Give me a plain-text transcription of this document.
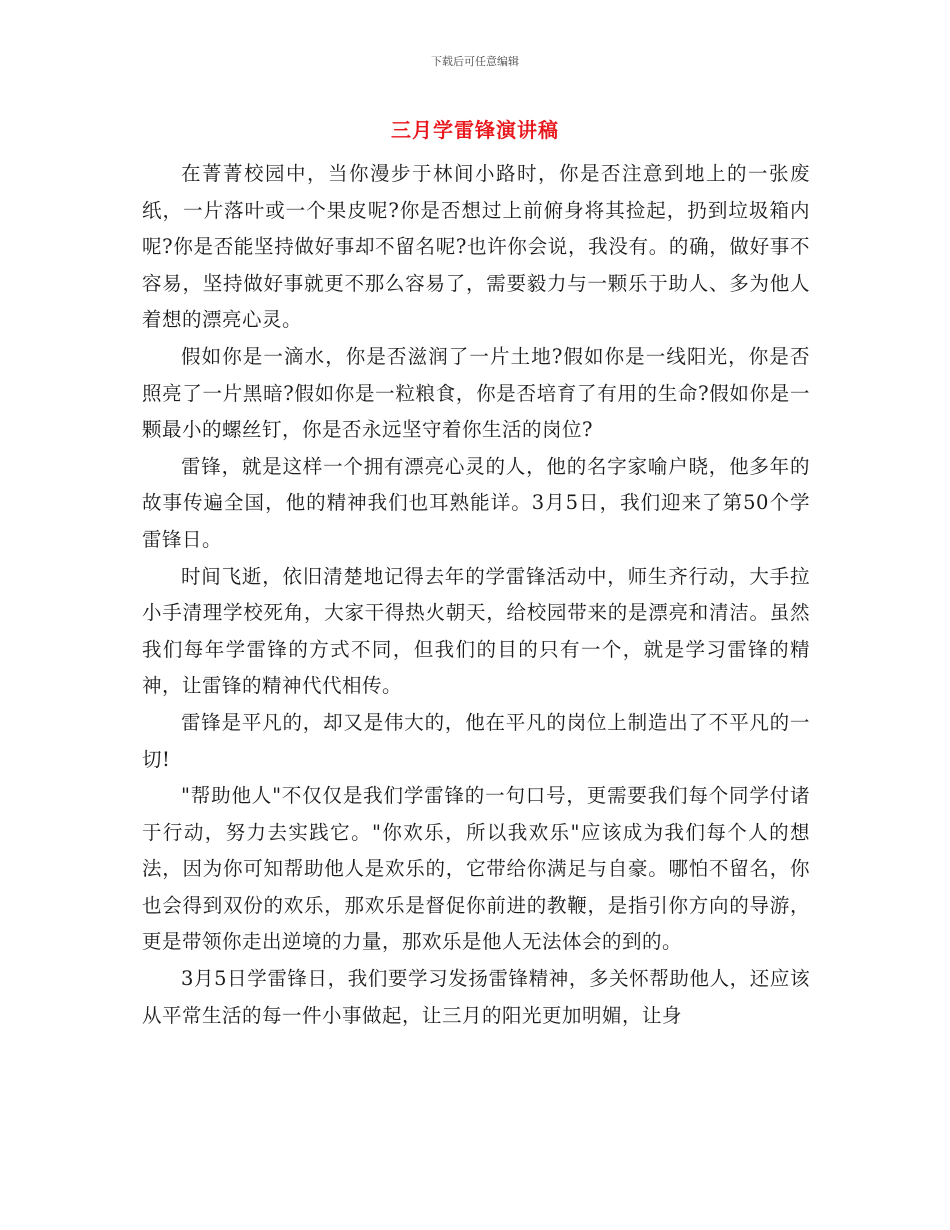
下载后可任意编辑
三月学雷锋演讲稿

在菁菁校园中，当你漫步于林间小路时，你是否注意到地上的一张废纸，一片落叶或一个果皮呢?你是否想过上前俯身将其捡起，扔到垃圾箱内呢?你是否能坚持做好事却不留名呢?也许你会说，我没有。的确，做好事不容易，坚持做好事就更不那么容易了，需要毅力与一颗乐于助人、多为他人着想的漂亮心灵。

假如你是一滴水，你是否滋润了一片土地?假如你是一线阳光，你是否照亮了一片黑暗?假如你是一粒粮食，你是否培育了有用的生命?假如你是一颗最小的螺丝钉，你是否永远坚守着你生活的岗位?

雷锋，就是这样一个拥有漂亮心灵的人，他的名字家喻户晓，他多年的故事传遍全国，他的精神我们也耳熟能详。3月5日，我们迎来了第50个学雷锋日。

时间飞逝，依旧清楚地记得去年的学雷锋活动中，师生齐行动，大手拉小手清理学校死角，大家干得热火朝天，给校园带来的是漂亮和清洁。虽然我们每年学雷锋的方式不同，但我们的目的只有一个，就是学习雷锋的精神，让雷锋的精神代代相传。

雷锋是平凡的，却又是伟大的，他在平凡的岗位上制造出了不平凡的一切!

"帮助他人"不仅仅是我们学雷锋的一句口号，更需要我们每个同学付诸于行动，努力去实践它。"你欢乐，所以我欢乐"应该成为我们每个人的想法，因为你可知帮助他人是欢乐的，它带给你满足与自豪。哪怕不留名，你也会得到双份的欢乐，那欢乐是督促你前进的教鞭，是指引你方向的导游，更是带领你走出逆境的力量，那欢乐是他人无法体会的到的。

3月5日学雷锋日，我们要学习发扬雷锋精神，多关怀帮助他人，还应该从平常生活的每一件小事做起，让三月的阳光更加明媚，让身
